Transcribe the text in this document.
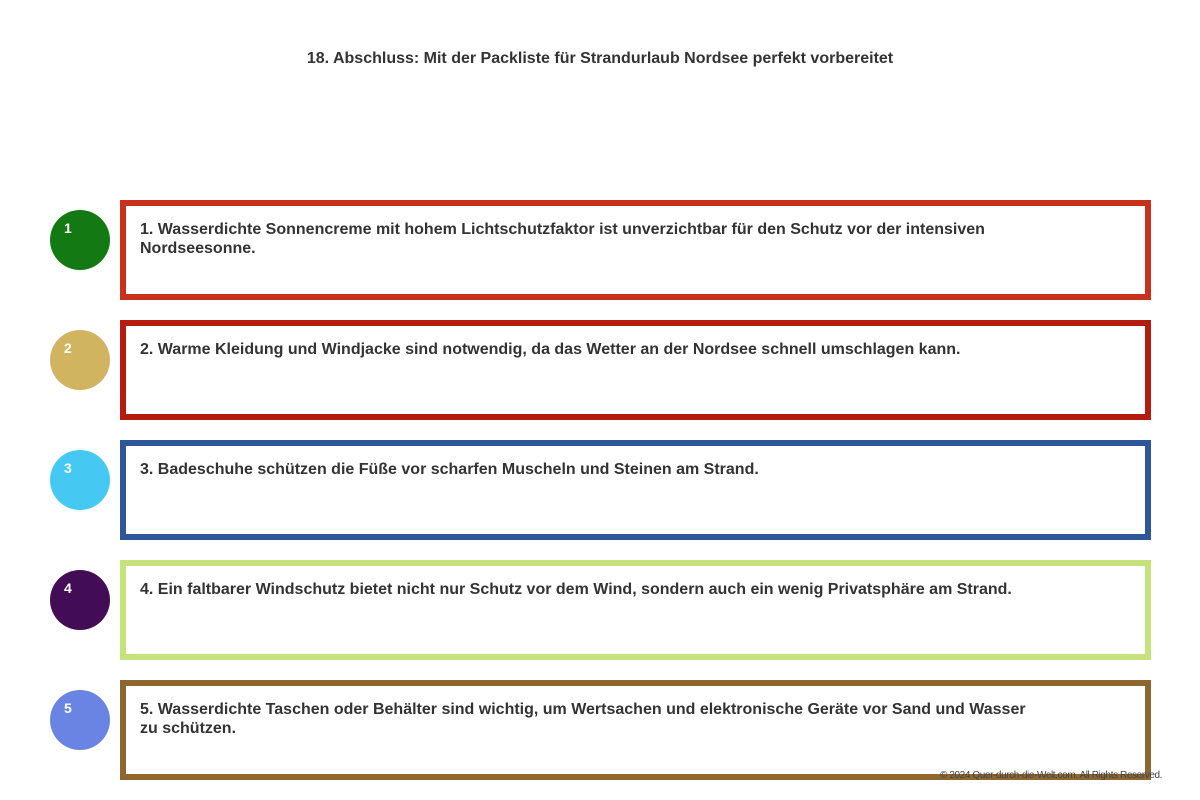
18. Abschluss: Mit der Packliste für Strandurlaub Nordsee perfekt vorbereitet
1	1. Wasserdichte Sonnencreme mit hohem Lichtschutzfaktor ist unverzichtbar für den Schutz vor der intensiven Nordseesonne.
2	2. Warme Kleidung und Windjacke sind notwendig, da das Wetter an der Nordsee schnell umschlagen kann.
3	3. Badeschuhe schützen die Füße vor scharfen Muscheln und Steinen am Strand.
4	4. Ein faltbarer Windschutz bietet nicht nur Schutz vor dem Wind, sondern auch ein wenig Privatsphäre am Strand.
5	5. Wasserdichte Taschen oder Behälter sind wichtig, um Wertsachen und elektronische Geräte vor Sand und Wasser zu schützen.
© 2024 Quer-durch-die-Welt.com. All Rights Reserved.
